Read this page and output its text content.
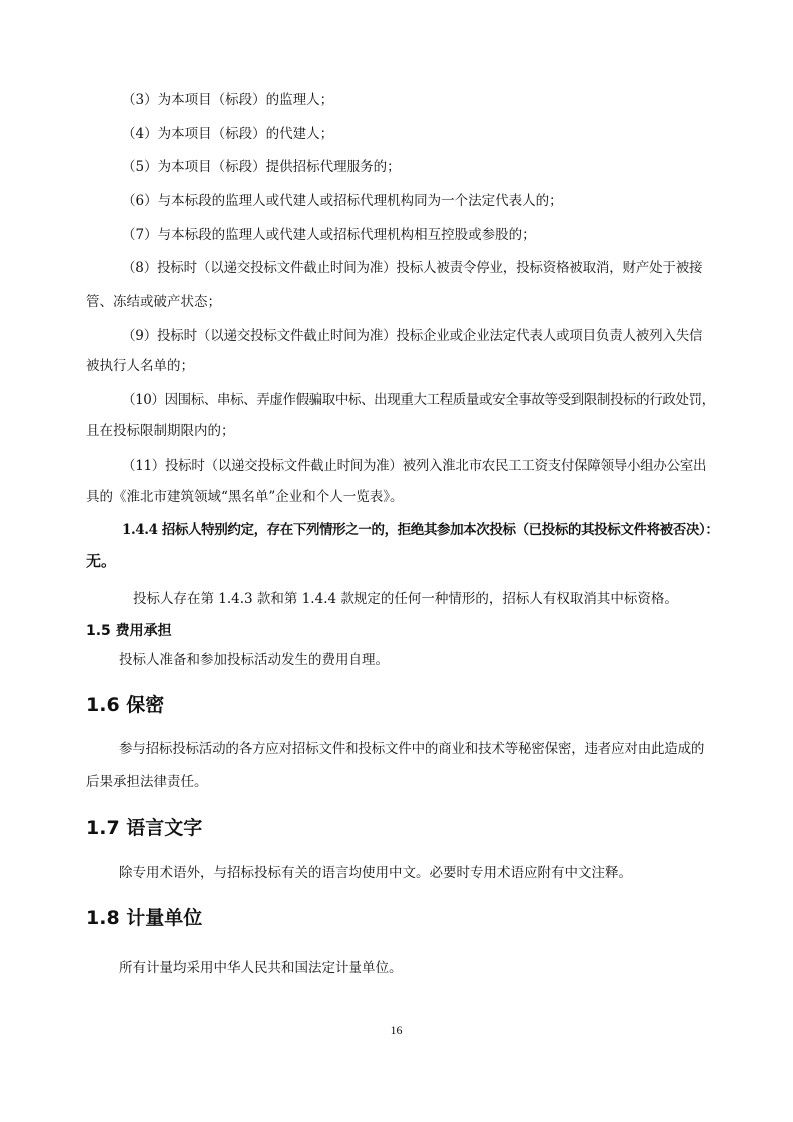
（3）为本项目（标段）的监理人；

（4）为本项目（标段）的代建人；

（5）为本项目（标段）提供招标代理服务的；

（6）与本标段的监理人或代建人或招标代理机构同为一个法定代表人的；

（7）与本标段的监理人或代建人或招标代理机构相互控股或参股的；

（8）投标时（以递交投标文件截止时间为准）投标人被责令停业，投标资格被取消，财产处于被接

管、冻结或破产状态；

（9）投标时（以递交投标文件截止时间为准）投标企业或企业法定代表人或项目负责人被列入失信

被执行人名单的；

（10）因围标、串标、弄虚作假骗取中标、出现重大工程质量或安全事故等受到限制投标的行政处罚，

且在投标限制期限内的；

（11）投标时（以递交投标文件截止时间为准）被列入淮北市农民工工资支付保障领导小组办公室出

具的《淮北市建筑领域“黑名单”企业和个人一览表》。

1.4.4 招标人特别约定，存在下列情形之一的，拒绝其参加本次投标（已投标的其投标文件将被否决）：

无。

投标人存在第 1.4.3 款和第 1.4.4 款规定的任何一种情形的，招标人有权取消其中标资格。

1.5 费用承担

投标人准备和参加投标活动发生的费用自理。

1.6 保密

参与招标投标活动的各方应对招标文件和投标文件中的商业和技术等秘密保密，违者应对由此造成的

后果承担法律责任。

1.7 语言文字

除专用术语外，与招标投标有关的语言均使用中文。必要时专用术语应附有中文注释。

1.8 计量单位

所有计量均采用中华人民共和国法定计量单位。

16
